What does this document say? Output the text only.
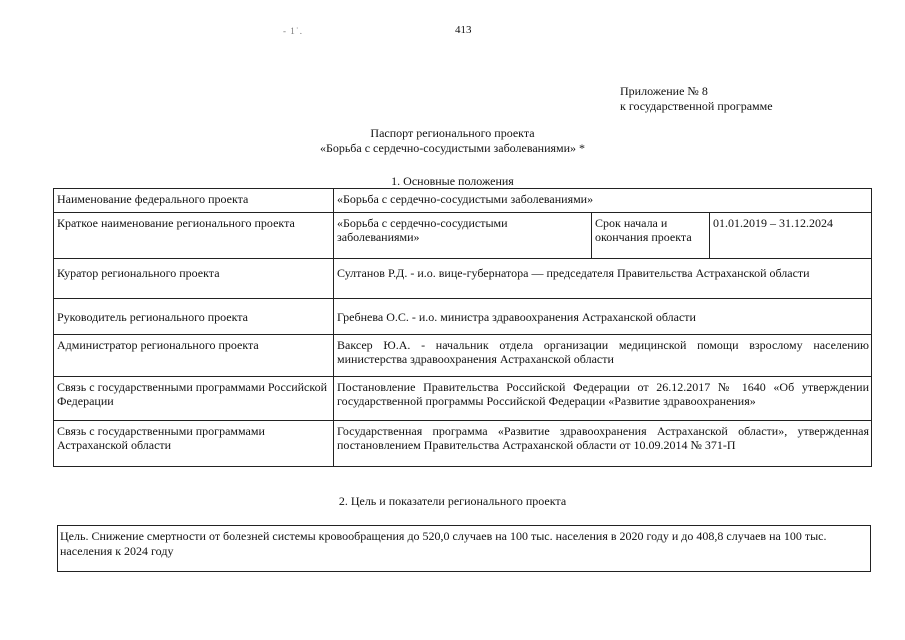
- 1˙.	413
Приложение № 8
к государственной программе
Паспорт регионального проекта
«Борьба с сердечно-сосудистыми заболеваниями» *
1. Основные положения
Наименование федерального проекта	«Борьба с сердечно-сосудистыми заболеваниями»		
Краткое наименование регионального проекта	«Борьба с сердечно-сосудистыми заболеваниями»	Срок начала и окончания проекта	01.01.2019 – 31.12.2024
Куратор регионального проекта	Султанов Р.Д. - и.о. вице-губернатора — председателя Правительства Астраханской области		
Руководитель регионального проекта	Гребнева О.С. - и.о. министра здравоохранения Астраханской области		
Администратор регионального проекта	Ваксер Ю.А. - начальник отдела организации медицинской помощи взрослому населению министерства здравоохранения Астраханской области		
Связь с государственными программами Российской Федерации	Постановление Правительства Российской Федерации от 26.12.2017 № 1640 «Об утверждении государственной программы Российской Федерации «Развитие здравоохранения»		
Связь с государственными программами Астраханской области	Государственная программа «Развитие здравоохранения Астраханской области», утвержденная постановлением Правительства Астраханской области от 10.09.2014 № 371-П		
2. Цель и показатели регионального проекта
Цель. Снижение смертности от болезней системы кровообращения до 520,0 случаев на 100 тыс. населения в 2020 году и до 408,8 случаев на 100 тыс. населения к 2024 году
